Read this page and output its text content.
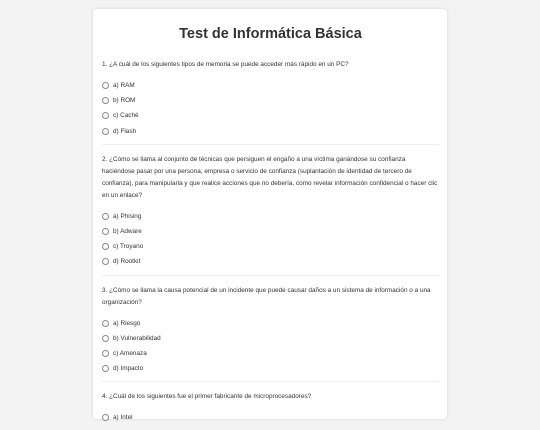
Test de Informática Básica
1. ¿A cuál de los siguientes tipos de memoria se puede acceder más rápido en un PC?
a) RAM
b) ROM
c) Caché
d) Flash
2. ¿Cómo se llama al conjunto de técnicas que persiguen el engaño a una víctima ganándose su confianza haciéndose pasar por una persona, empresa o servicio de confianza (suplantación de identidad de tercero de confianza), para manipularla y que realice acciones que no debería, como revelar información confidencial o hacer clic en un enlace?
a) Phising
b) Adware
c) Troyano
d) Rootkit
3. ¿Cómo se llama la causa potencial de un incidente que puede causar daños a un sistema de información o a una organización?
a) Riesgo
b) Vulnerabilidad
c) Amenaza
d) Impacto
4. ¿Cuál de los siguientes fue el primer fabricante de microprocesadores?
a) Intel
